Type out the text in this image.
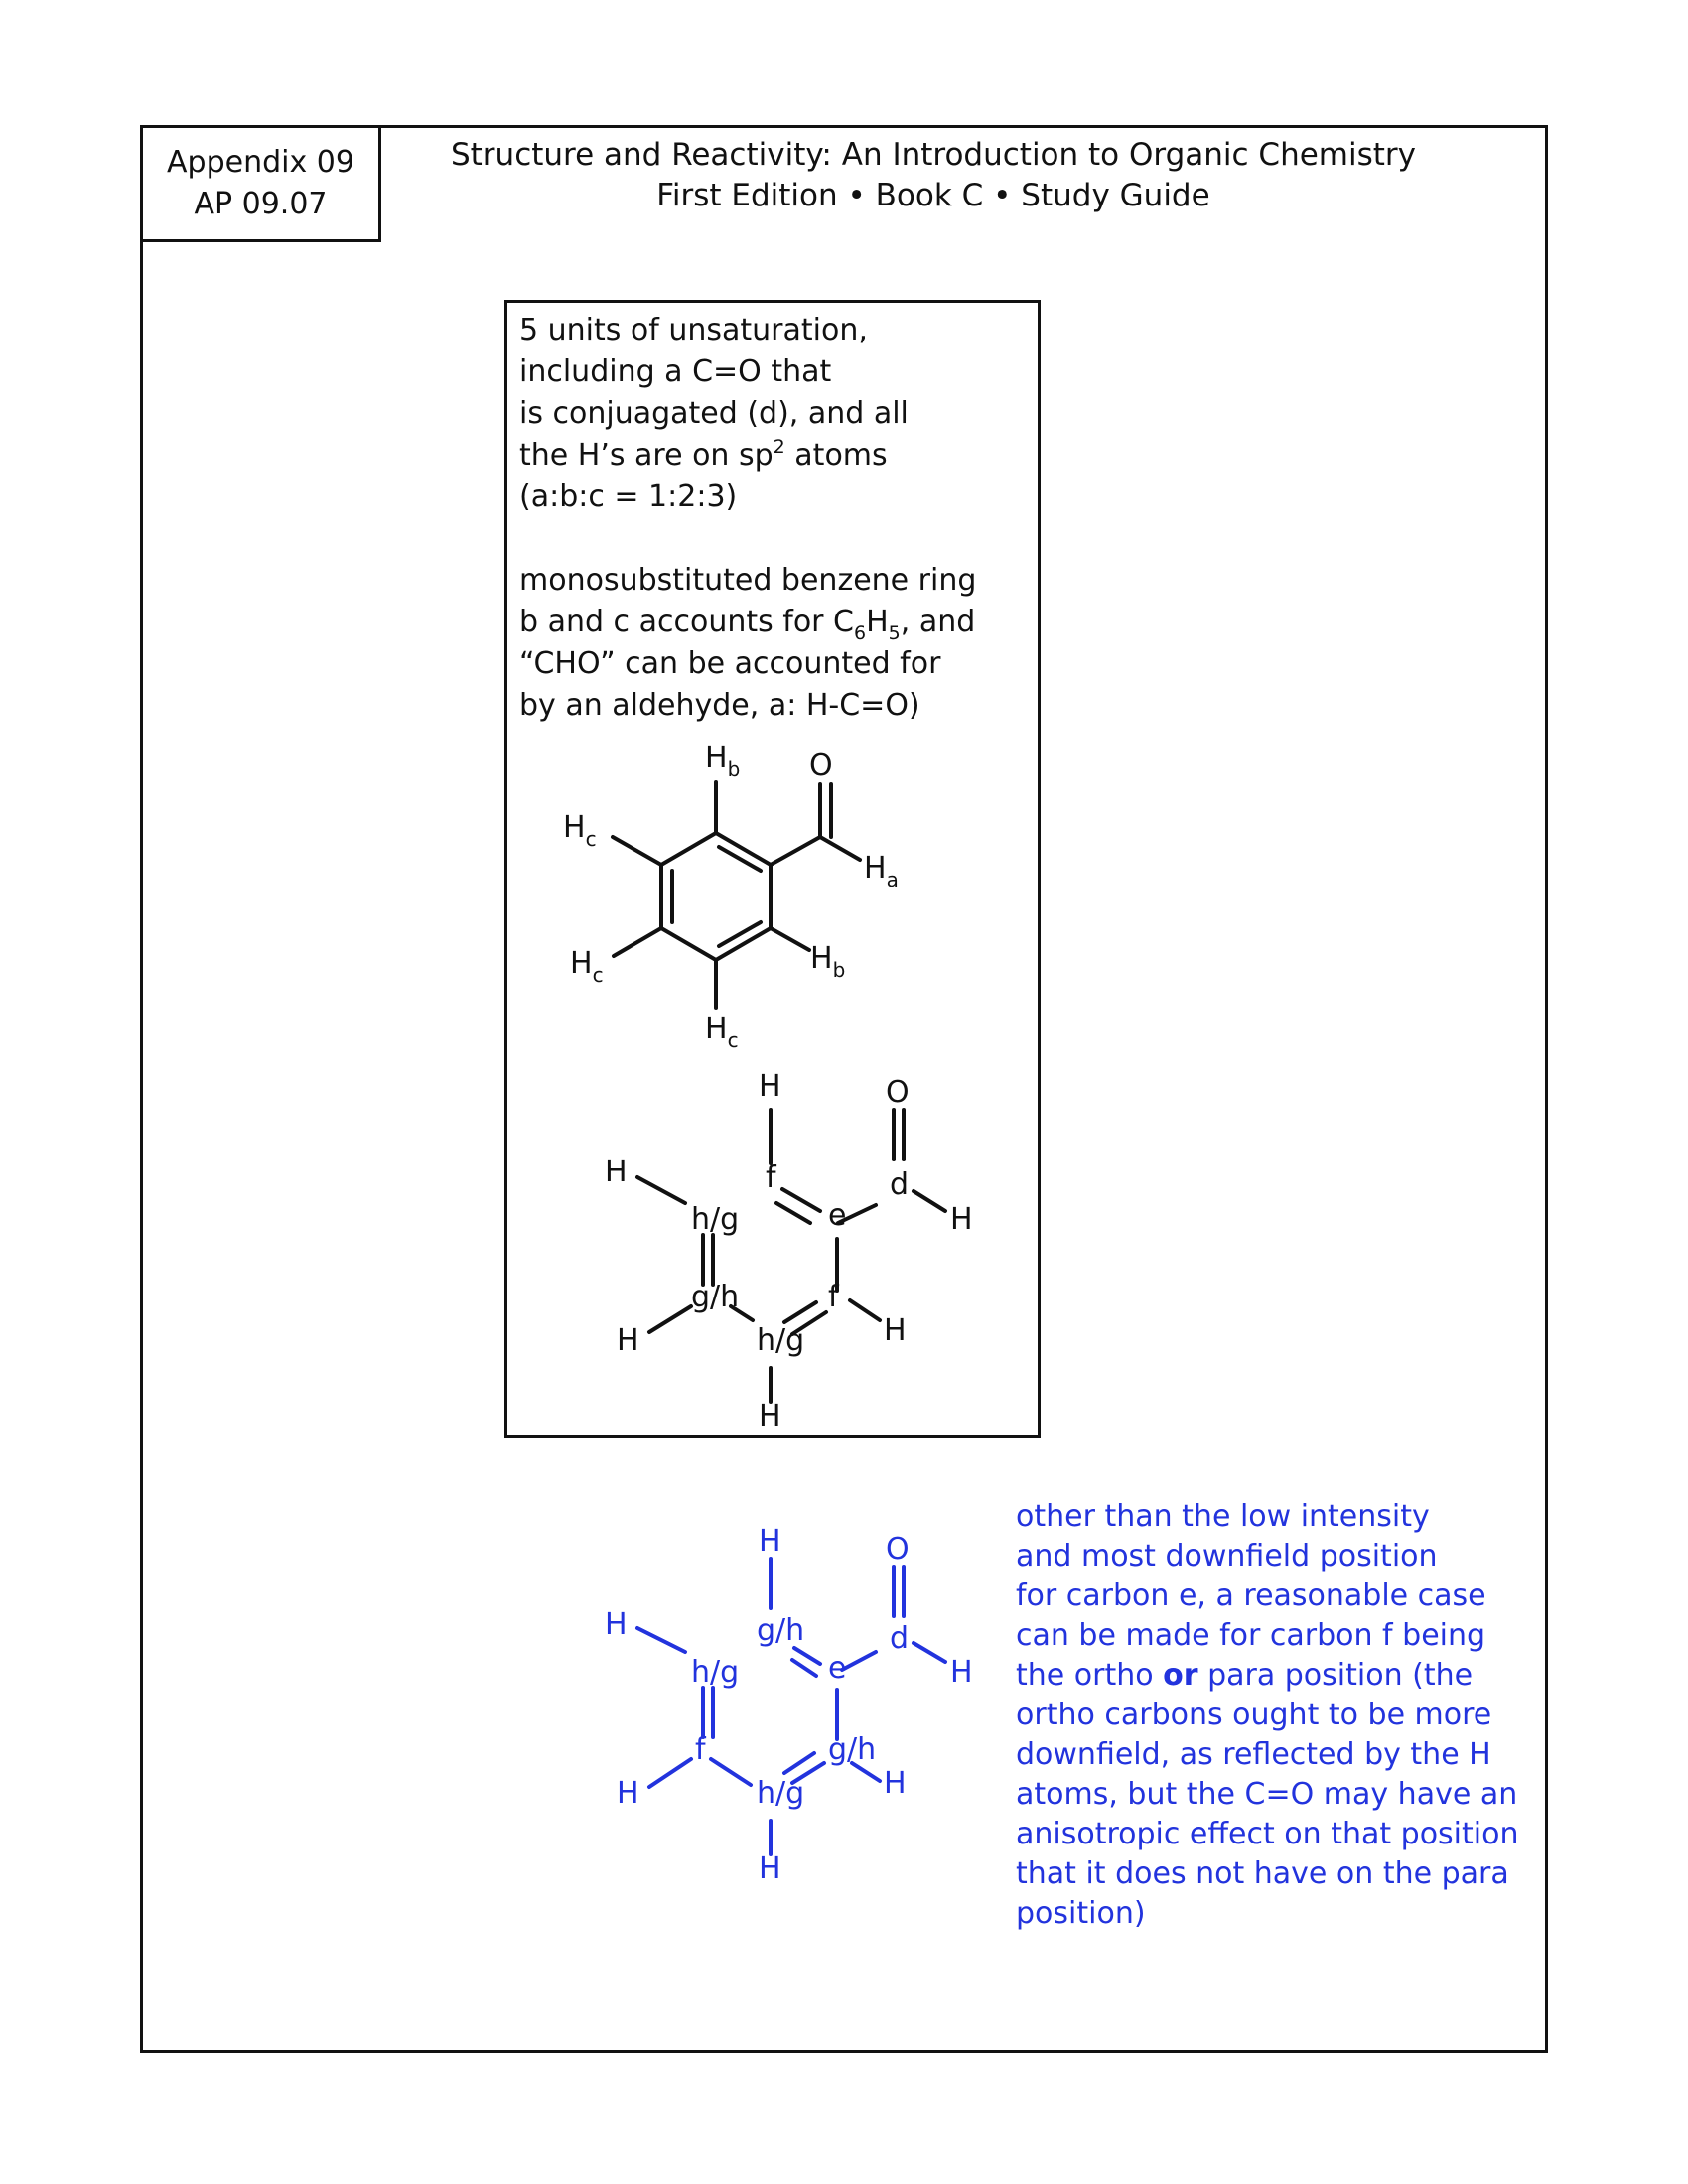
Appendix 09
AP 09.07
Structure and Reactivity: An Introduction to Organic Chemistry
First Edition • Book C • Study Guide

5 units of unsaturation,
including a C=O that
is conjuagated (d), and all
the H’s are on $sp^2$ atoms
(a:b:c = 1:2:3)

monosubstituted benzene ring
b and c accounts for $C_6H_5$, and
“CHO” can be accounted for
by an aldehyde, a: H-C=O)

$H_b$ O
$H_c$
$H_a$
$H_c$	$H_b$
$H_c$
H	O
H	f	d
h/g	e	H
g/h	f
H	h/g	H
H
H	O
H	g/h	d
h/g	e	H
f	g/h
H	h/g	H
H
other than the low intensity
and most downfield position
for carbon e, a reasonable case
can be made for carbon f being
the ortho or para position (the
ortho carbons ought to be more
downfield, as reflected by the H
atoms, but the C=O may have an
anisotropic effect on that position
that it does not have on the para
position)
